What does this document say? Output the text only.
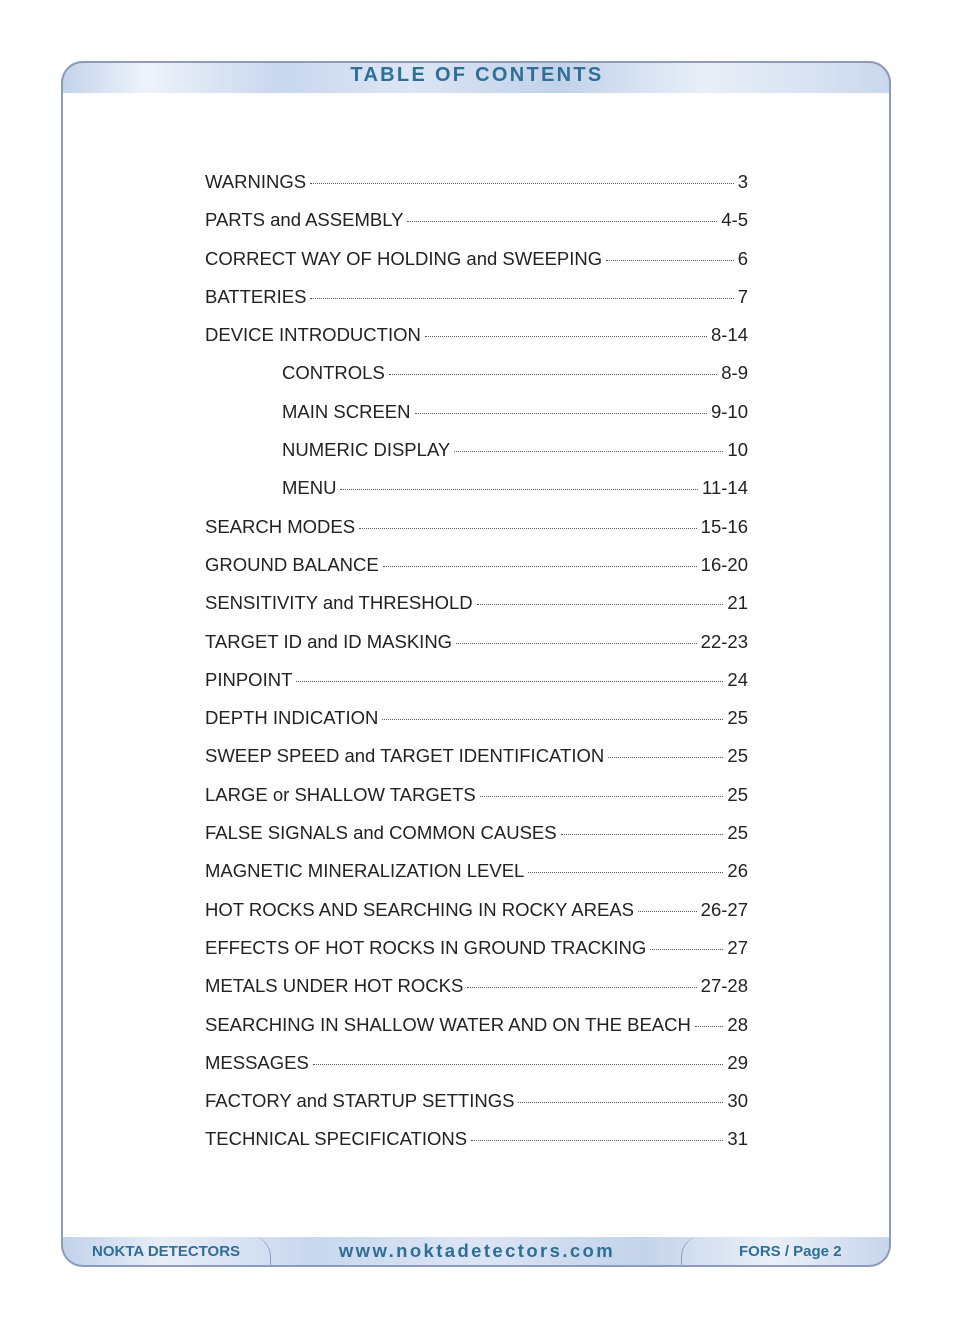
TABLE OF CONTENTS
WARNINGS	3
PARTS and ASSEMBLY	4-5
CORRECT WAY OF HOLDING and SWEEPING	6
BATTERIES	7
DEVICE INTRODUCTION	8-14
CONTROLS	8-9
MAIN SCREEN	9-10
NUMERIC DISPLAY	10
MENU	11-14
SEARCH MODES	15-16
GROUND BALANCE	16-20
SENSITIVITY and THRESHOLD	21
TARGET ID and ID MASKING	22-23
PINPOINT	24
DEPTH INDICATION	25
SWEEP SPEED and TARGET IDENTIFICATION	25
LARGE or SHALLOW TARGETS	25
FALSE SIGNALS and COMMON CAUSES	25
MAGNETIC MINERALIZATION LEVEL	26
HOT ROCKS AND SEARCHING IN ROCKY AREAS	26-27
EFFECTS OF HOT ROCKS IN GROUND TRACKING	27
METALS UNDER HOT ROCKS	27-28
SEARCHING IN SHALLOW WATER AND ON THE BEACH 28
MESSAGES	29
FACTORY and STARTUP SETTINGS	30
TECHNICAL SPECIFICATIONS	31
NOKTA DETECTORS	www.noktadetectors.com	FORS / Page 2
